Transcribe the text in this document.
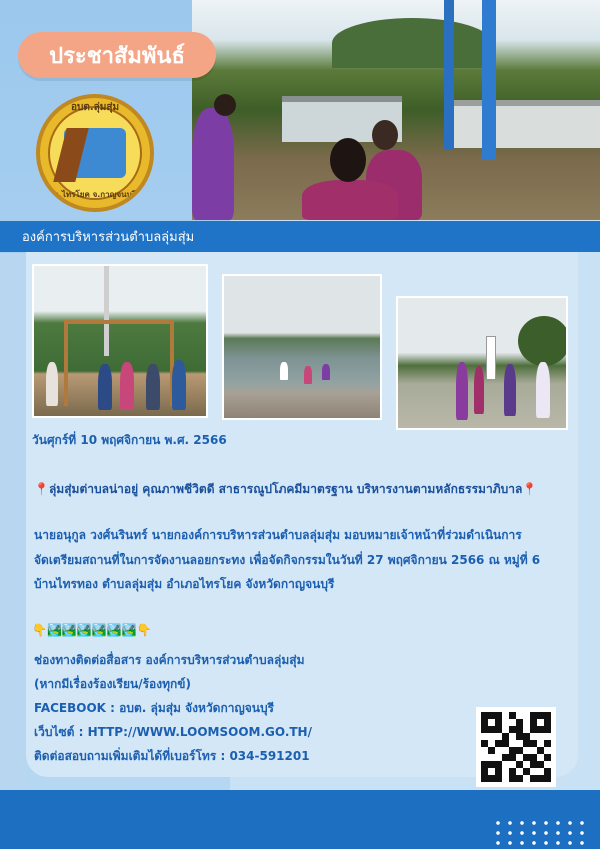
ประชาสัมพันธ์
อบต.ลุ่มสุ่ม
อ.ไทรโยค จ.กาญจนบุรี
องค์การบริหารส่วนตำบลลุ่มสุ่ม
วันศุกร์ที่ 10 พฤศจิกายน พ.ศ. 2566
📍ลุ่มสุ่มต่าบลน่าอยู่ คุณภาพชีวิตดี สาธารณูปโภคมีมาตรฐาน บริหารงานตามหลักธรรมาภิบาล📍
นายอนุกูล วงศ์นรินทร์ นายกองค์การบริหารส่วนตำบลลุ่มสุ่ม มอบหมายเจ้าหน้าที่ร่วมดำเนินการ
จัดเตรียมสถานที่ในการจัดงานลอยกระทง เพื่อจัดกิจกรรมในวันที่ 27 พฤศจิกายน 2566 ณ หมู่ที่ 6
บ้านไทรทอง ตำบลลุ่มสุ่ม อำเภอไทรโยค จังหวัดกาญจนบุรี
👇🏞️🏞️🏞️🏞️🏞️🏞️👇
ช่องทางติดต่อสื่อสาร องค์การบริหารส่วนตำบลลุ่มสุ่ม
(หากมีเรื่องร้องเรียน/ร้องทุกข์)
FACEBOOK : อบต. ลุ่มสุ่ม จังหวัดกาญจนบุรี
เว็บไซต์ : HTTP://WWW.LOOMSOOM.GO.TH/
ติดต่อสอบถามเพิ่มเติมได้ที่เบอร์โทร : 034-591201
